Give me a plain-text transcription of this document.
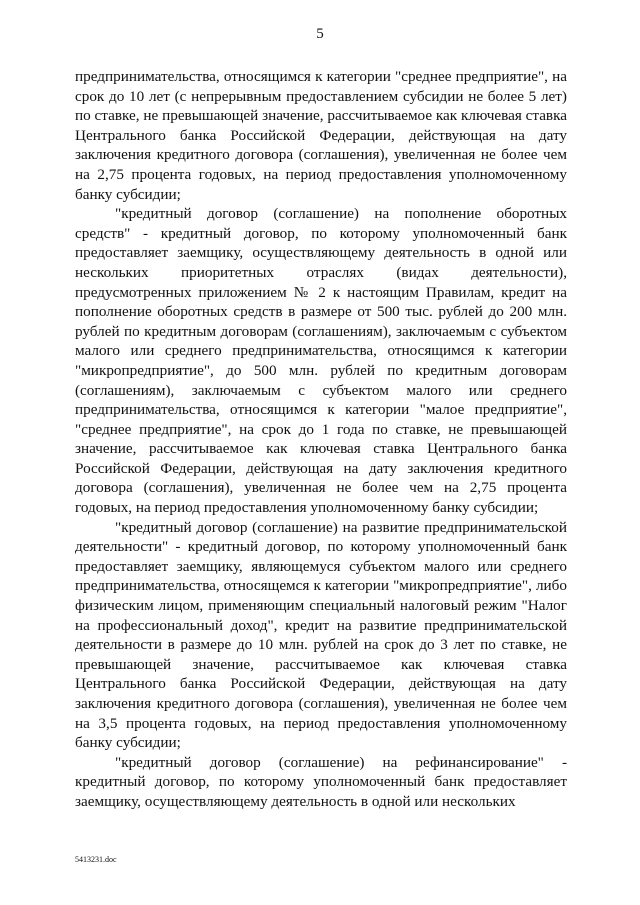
5

предпринимательства, относящимся к категории "среднее предприятие", на срок до 10 лет (с непрерывным предоставлением субсидии не более 5 лет) по ставке, не превышающей значение, рассчитываемое как ключевая ставка Центрального банка Российской Федерации, действующая на дату заключения кредитного договора (соглашения), увеличенная не более чем на 2,75 процента годовых, на период предоставления уполномоченному банку субсидии;

"кредитный договор (соглашение) на пополнение оборотных средств" - кредитный договор, по которому уполномоченный банк предоставляет заемщику, осуществляющему деятельность в одной или нескольких приоритетных отраслях (видах деятельности), предусмотренных приложением № 2 к настоящим Правилам, кредит на пополнение оборотных средств в размере от 500 тыс. рублей до 200 млн. рублей по кредитным договорам (соглашениям), заключаемым с субъектом малого или среднего предпринимательства, относящимся к категории "микропредприятие", до 500 млн. рублей по кредитным договорам (соглашениям), заключаемым с субъектом малого или среднего предпринимательства, относящимся к категории "малое предприятие", "среднее предприятие", на срок до 1 года по ставке, не превышающей значение, рассчитываемое как ключевая ставка Центрального банка Российской Федерации, действующая на дату заключения кредитного договора (соглашения), увеличенная не более чем на 2,75 процента годовых, на период предоставления уполномоченному банку субсидии;

"кредитный договор (соглашение) на развитие предпринимательской деятельности" - кредитный договор, по которому уполномоченный банк предоставляет заемщику, являющемуся субъектом малого или среднего предпринимательства, относящемся к категории "микропредприятие", либо физическим лицом, применяющим специальный налоговый режим "Налог на профессиональный доход", кредит на развитие предпринимательской деятельности в размере до 10 млн. рублей на срок до 3 лет по ставке, не превышающей значение, рассчитываемое как ключевая ставка Центрального банка Российской Федерации, действующая на дату заключения кредитного договора (соглашения), увеличенная не более чем на 3,5 процента годовых, на период предоставления уполномоченному банку субсидии;

"кредитный договор (соглашение) на рефинансирование" - кредитный договор, по которому уполномоченный банк предоставляет заемщику, осуществляющему деятельность в одной или нескольких

5413231.doc
